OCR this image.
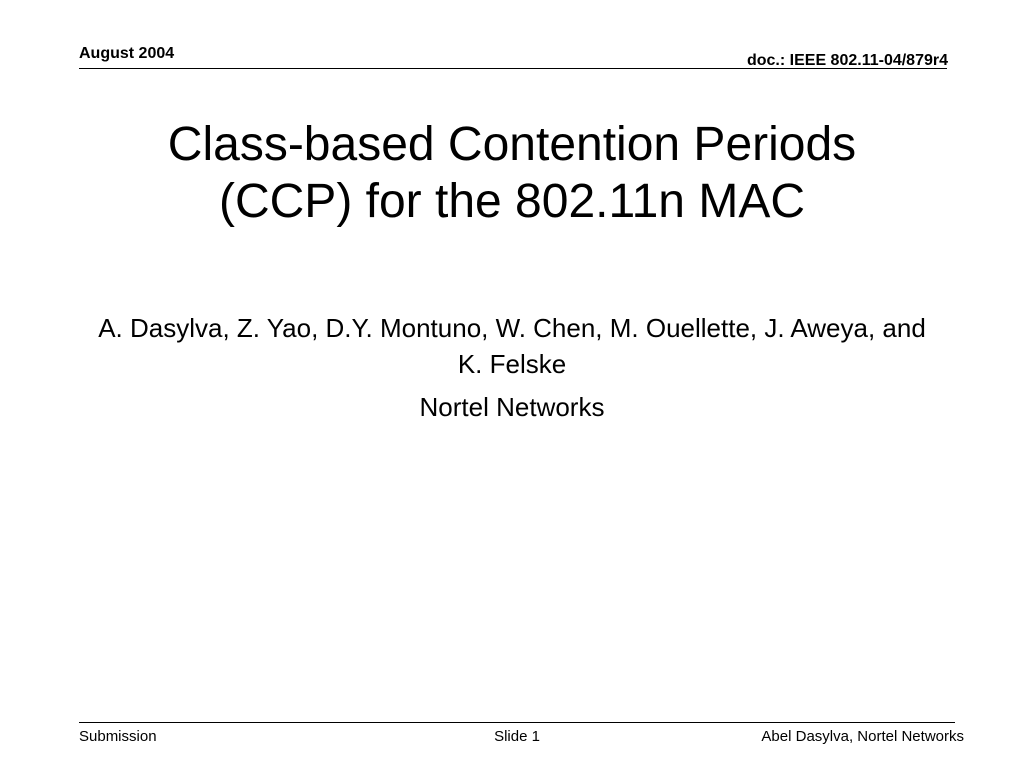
August 2004	doc.: IEEE 802.11-04/879r4
Class-based Contention Periods
(CCP) for the 802.11n MAC
A. Dasylva, Z. Yao, D.Y. Montuno, W. Chen, M. Ouellette, J. Aweya, and K. Felske
Nortel Networks
Submission	Slide 1	Abel Dasylva, Nortel Networks
